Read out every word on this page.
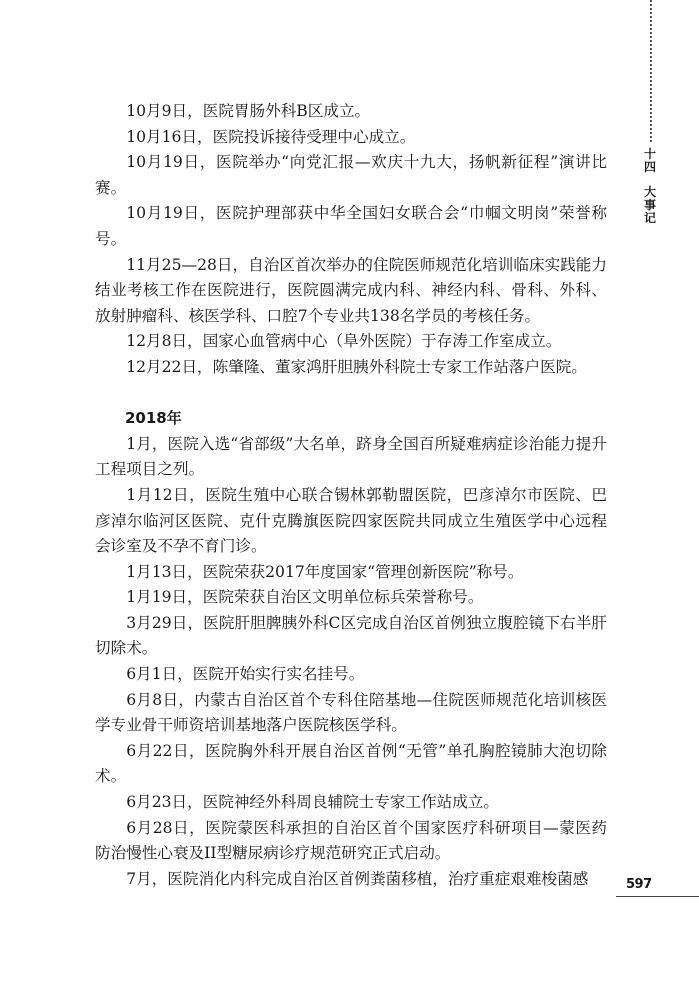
十四
大事记

10月9日，医院胃肠外科B区成立。

10月16日，医院投诉接待受理中心成立。

10月19日，医院举办“向党汇报—欢庆十九大，扬帆新征程”演讲比赛。

10月19日，医院护理部获中华全国妇女联合会“巾帼文明岗”荣誉称号。

11月25—28日，自治区首次举办的住院医师规范化培训临床实践能力结业考核工作在医院进行，医院圆满完成内科、神经内科、骨科、外科、放射肿瘤科、核医学科、口腔7个专业共138名学员的考核任务。

12月8日，国家心血管病中心（阜外医院）于存涛工作室成立。

12月22日，陈肇隆、董家鸿肝胆胰外科院士专家工作站落户医院。

2018年

1月，医院入选“省部级”大名单，跻身全国百所疑难病症诊治能力提升工程项目之列。

1月12日，医院生殖中心联合锡林郭勒盟医院，巴彦淖尔市医院、巴彦淖尔临河区医院、克什克腾旗医院四家医院共同成立生殖医学中心远程会诊室及不孕不育门诊。

1月13日，医院荣获2017年度国家“管理创新医院”称号。

1月19日，医院荣获自治区文明单位标兵荣誉称号。

3月29日，医院肝胆脾胰外科C区完成自治区首例独立腹腔镜下右半肝切除术。

6月1日，医院开始实行实名挂号。

6月8日，内蒙古自治区首个专科住陪基地—住院医师规范化培训核医学专业骨干师资培训基地落户医院核医学科。

6月22日，医院胸外科开展自治区首例“无管”单孔胸腔镜肺大泡切除术。

6月23日，医院神经外科周良辅院士专家工作站成立。

6月28日，医院蒙医科承担的自治区首个国家医疗科研项目—蒙医药防治慢性心衰及II型糖尿病诊疗规范研究正式启动。

7月，医院消化内科完成自治区首例粪菌移植，治疗重症艰难梭菌感	597
